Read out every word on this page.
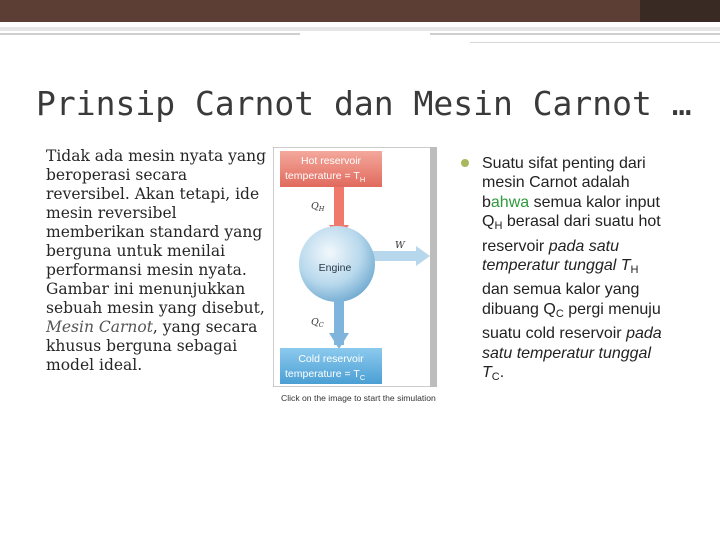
Prinsip Carnot dan Mesin Carnot …

Tidak ada mesin nyata yang beroperasi secara reversibel. Akan tetapi, ide mesin reversibel memberikan standard yang berguna untuk menilai performansi mesin nyata. Gambar ini menunjukkan sebuah mesin yang disebut, Mesin Carnot, yang secara khusus berguna sebagai model ideal.

Hot reservoir
temperature = $T_H$
$Q_H$
W
Engine
$Q_C$
Cold reservoir
temperature = $T_C$
Click on the image to start the simulation

Suatu sifat penting dari mesin Carnot adalah bahwa semua kalor input $Q_H$ berasal dari suatu hot reservoir pada satu temperatur tunggal $T_H$ dan semua kalor yang dibuang $Q_C$ pergi menuju suatu cold reservoir pada satu temperatur tunggal $T_C$.
